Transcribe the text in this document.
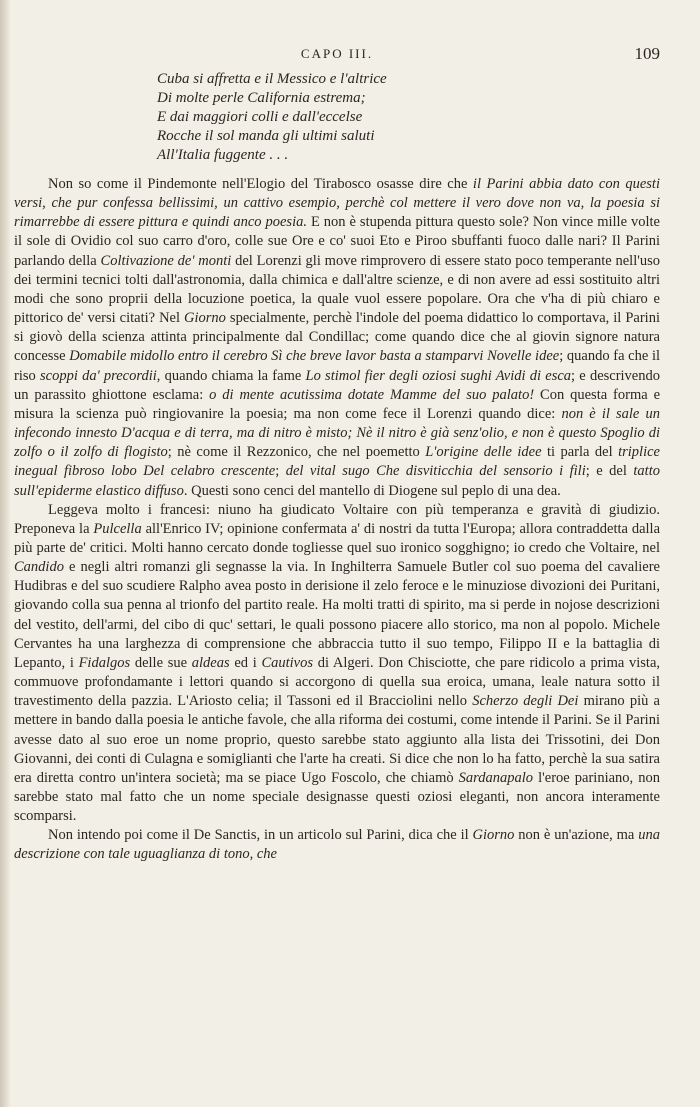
CAPO III.	109
Cuba si affretta e il Messico e l'altrice
Di molte perle California estrema;
E dai maggiori colli e dall'eccelse
Rocche il sol manda gli ultimi saluti
All'Italia fuggente . . .

Non so come il Pindemonte nell'Elogio del Tirabosco osasse dire che il Parini abbia dato con questi versi, che pur confessa bellissimi, un cattivo esempio, perchè col mettere il vero dove non va, la poesia si rimarrebbe di essere pittura e quindi anco poesia. E non è stupenda pittura questo sole? Non vince mille volte il sole di Ovidio col suo carro d'oro, colle sue Ore e co' suoi Eto e Piroo sbuffanti fuoco dalle nari? Il Parini parlando della Coltivazione de' monti del Lorenzi gli move rimprovero di essere stato poco temperante nell'uso dei termini tecnici tolti dall'astronomia, dalla chimica e dall'altre scienze, e di non avere ad essi sostituito altri modi che sono proprii della locuzione poetica, la quale vuol essere popolare. Ora che v'ha di più chiaro e pittorico de' versi citati? Nel Giorno specialmente, perchè l'indole del poema didattico lo comportava, il Parini si giovò della scienza attinta principalmente dal Condillac; come quando dice che al giovin signore natura concesse Domabile midollo entro il cerebro Sì che breve lavor basta a stamparvi Novelle idee; quando fa che il riso scoppi da' precordii, quando chiama la fame Lo stimol fier degli oziosi sughi Avidi di esca; e descrivendo un parassito ghiottone esclama: o di mente acutissima dotate Mamme del suo palato! Con questa forma e misura la scienza può ringiovanire la poesia; ma non come fece il Lorenzi quando dice: non è il sale un infecondo innesto D'acqua e di terra, ma di nitro è misto; Nè il nitro è già senz'olio, e non è questo Spoglio di zolfo o il zolfo di flogisto; nè come il Rezzonico, che nel poemetto L'origine delle idee ti parla del triplice inegual fibroso lobo Del celabro crescente; del vital sugo Che disviticchia del sensorio i fili; e del tatto sull'epiderme elastico diffuso. Questi sono cenci del mantello di Diogene sul peplo di una dea.

Leggeva molto i francesi: niuno ha giudicato Voltaire con più temperanza e gravità di giudizio. Preponeva la Pulcella all'Enrico IV; opinione confermata a' di nostri da tutta l'Europa; allora contraddetta dalla più parte de' critici. Molti hanno cercato donde togliesse quel suo ironico sogghigno; io credo che Voltaire, nel Candido e negli altri romanzi gli segnasse la via. In Inghilterra Samuele Butler col suo poema del cavaliere Hudibras e del suo scudiere Ralpho avea posto in derisione il zelo feroce e le minuziose divozioni dei Puritani, giovando colla sua penna al trionfo del partito reale. Ha molti tratti di spirito, ma si perde in nojose descrizioni del vestito, dell'armi, del cibo di quc' settari, le quali possono piacere allo storico, ma non al popolo. Michele Cervantes ha una larghezza di comprensione che abbraccia tutto il suo tempo, Filippo II e la battaglia di Lepanto, i Fidalgos delle sue aldeas ed i Cautivos di Algeri. Don Chisciotte, che pare ridicolo a prima vista, commuove profondamante i lettori quando si accorgono di quella sua eroica, umana, leale natura sotto il travestimento della pazzia. L'Ariosto celia; il Tassoni ed il Bracciolini nello Scherzo degli Dei mirano più a mettere in bando dalla poesia le antiche favole, che alla riforma dei costumi, come intende il Parini. Se il Parini avesse dato al suo eroe un nome proprio, questo sarebbe stato aggiunto alla lista dei Trissotini, dei Don Giovanni, dei conti di Culagna e somiglianti che l'arte ha creati. Si dice che non lo ha fatto, perchè la sua satira era diretta contro un'intera società; ma se piace Ugo Foscolo, che chiamò Sardanapalo l'eroe pariniano, non sarebbe stato mal fatto che un nome speciale designasse questi oziosi eleganti, non ancora interamente scomparsi.

Non intendo poi come il De Sanctis, in un articolo sul Parini, dica che il Giorno non è un'azione, ma una descrizione con tale uguaglianza di tono, che
